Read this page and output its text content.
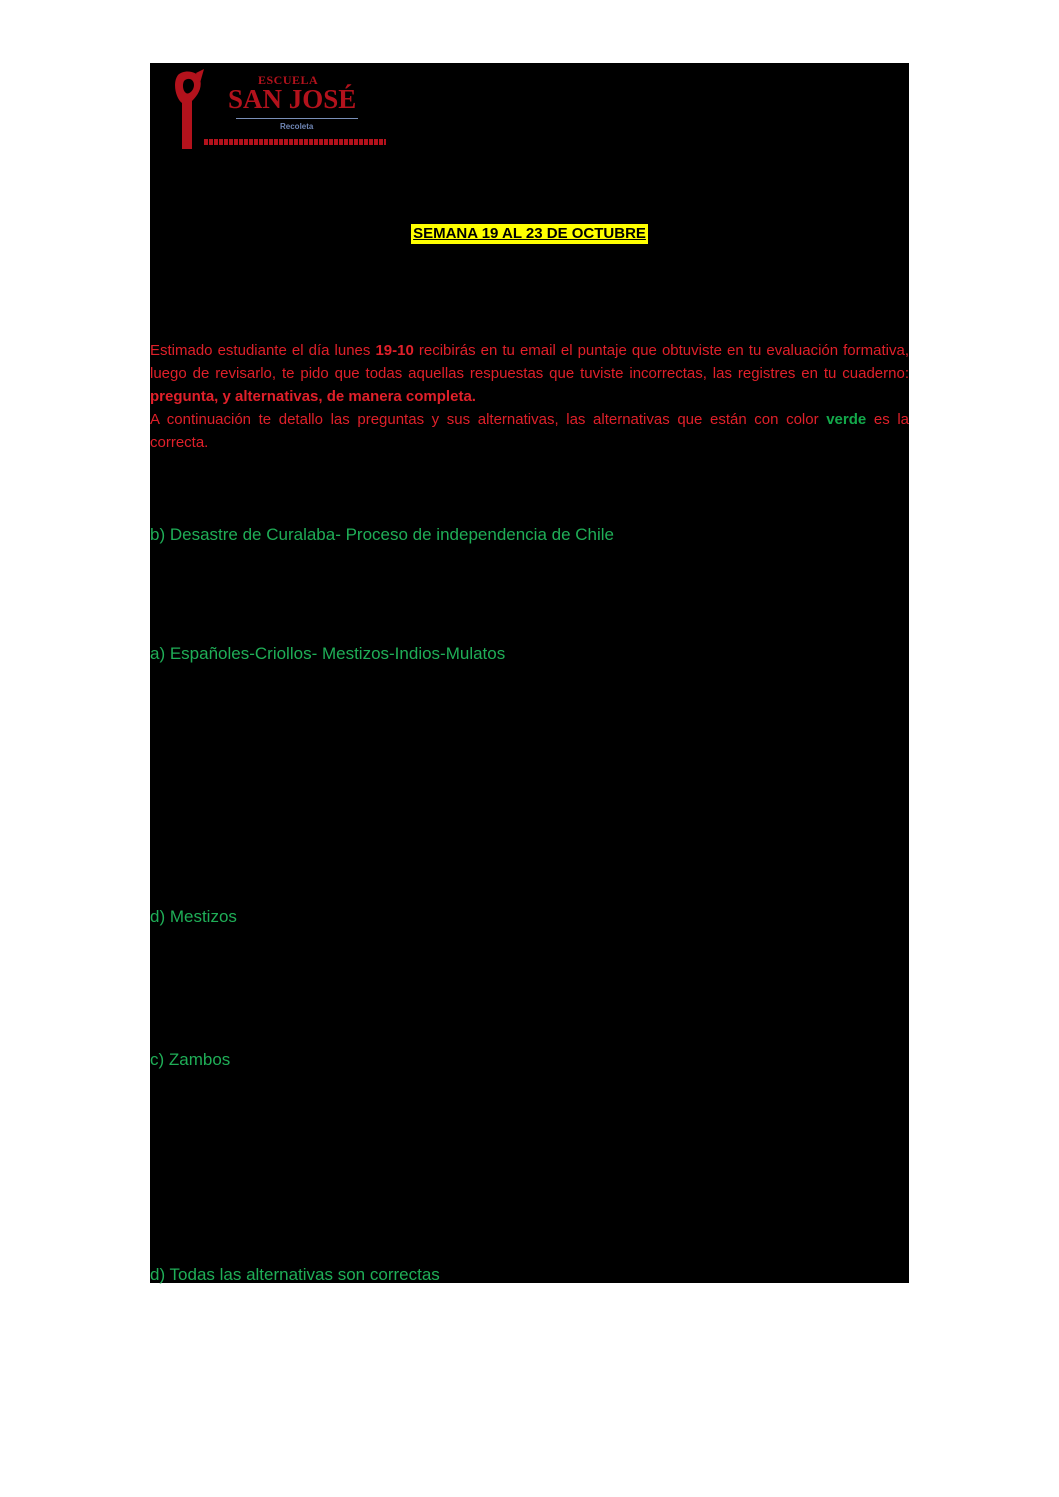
ESCUELA
SAN JOSÉ
Recoleta
SEMANA 19 AL 23 DE OCTUBRE

Estimado estudiante el día lunes 19-10 recibirás en tu email el puntaje que obtuviste en tu evaluación formativa, luego de revisarlo, te pido que todas aquellas respuestas que tuviste incorrectas, las registres en tu cuaderno: pregunta, y alternativas, de manera completa.

A continuación te detallo las preguntas y sus alternativas, las alternativas que están con color verde es la correcta.

b) Desastre de Curalaba- Proceso de independencia de Chile

a) Españoles-Criollos- Mestizos-Indios-Mulatos

d) Mestizos

c) Zambos

d) Todas las alternativas son correctas
